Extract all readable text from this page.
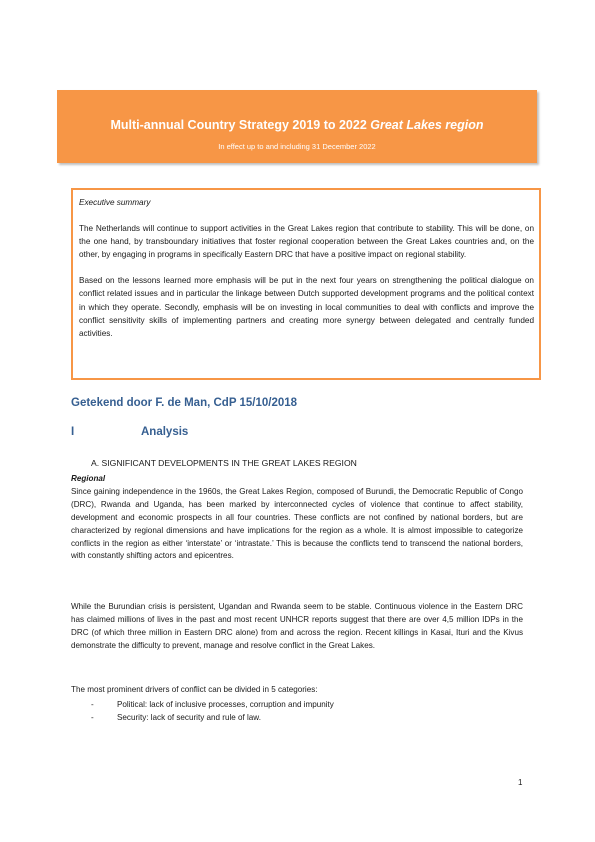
Multi-annual Country Strategy 2019 to 2022 Great Lakes region
In effect up to and including 31 December 2022

Executive summary

The Netherlands will continue to support activities in the Great Lakes region that contribute to stability. This will be done, on the one hand, by transboundary initiatives that foster regional cooperation between the Great Lakes countries and, on the other, by engaging in programs in specifically Eastern DRC that have a positive impact on regional stability.

Based on the lessons learned more emphasis will be put in the next four years on strengthening the political dialogue on conflict related issues and in particular the linkage between Dutch supported development programs and the political context in which they operate. Secondly, emphasis will be on investing in local communities to deal with conflicts and improve the conflict sensitivity skills of implementing partners and creating more synergy between delegated and centrally funded activities.

Getekend door F. de Man, CdP 15/10/2018
I	Analysis
A. SIGNIFICANT DEVELOPMENTS IN THE GREAT LAKES REGION
Regional

Since gaining independence in the 1960s, the Great Lakes Region, composed of Burundi, the Democratic Republic of Congo (DRC), Rwanda and Uganda, has been marked by interconnected cycles of violence that continue to affect stability, development and economic prospects in all four countries. These conflicts are not confined by national borders, but are characterized by regional dimensions and have implications for the region as a whole. It is almost impossible to categorize conflicts in the region as either ‘interstate’ or ‘intrastate.’ This is because the conflicts tend to transcend the national borders, with constantly shifting actors and epicentres.

While the Burundian crisis is persistent, Ugandan and Rwanda seem to be stable. Continuous violence in the Eastern DRC has claimed millions of lives in the past and most recent UNHCR reports suggest that there are over 4,5 million IDPs in the DRC (of which three million in Eastern DRC alone) from and across the region. Recent killings in Kasai, Ituri and the Kivus demonstrate the difficulty to prevent, manage and resolve conflict in the Great Lakes.

The most prominent drivers of conflict can be divided in 5 categories:

-	Political: lack of inclusive processes, corruption and impunity
-	Security: lack of security and rule of law.
1
